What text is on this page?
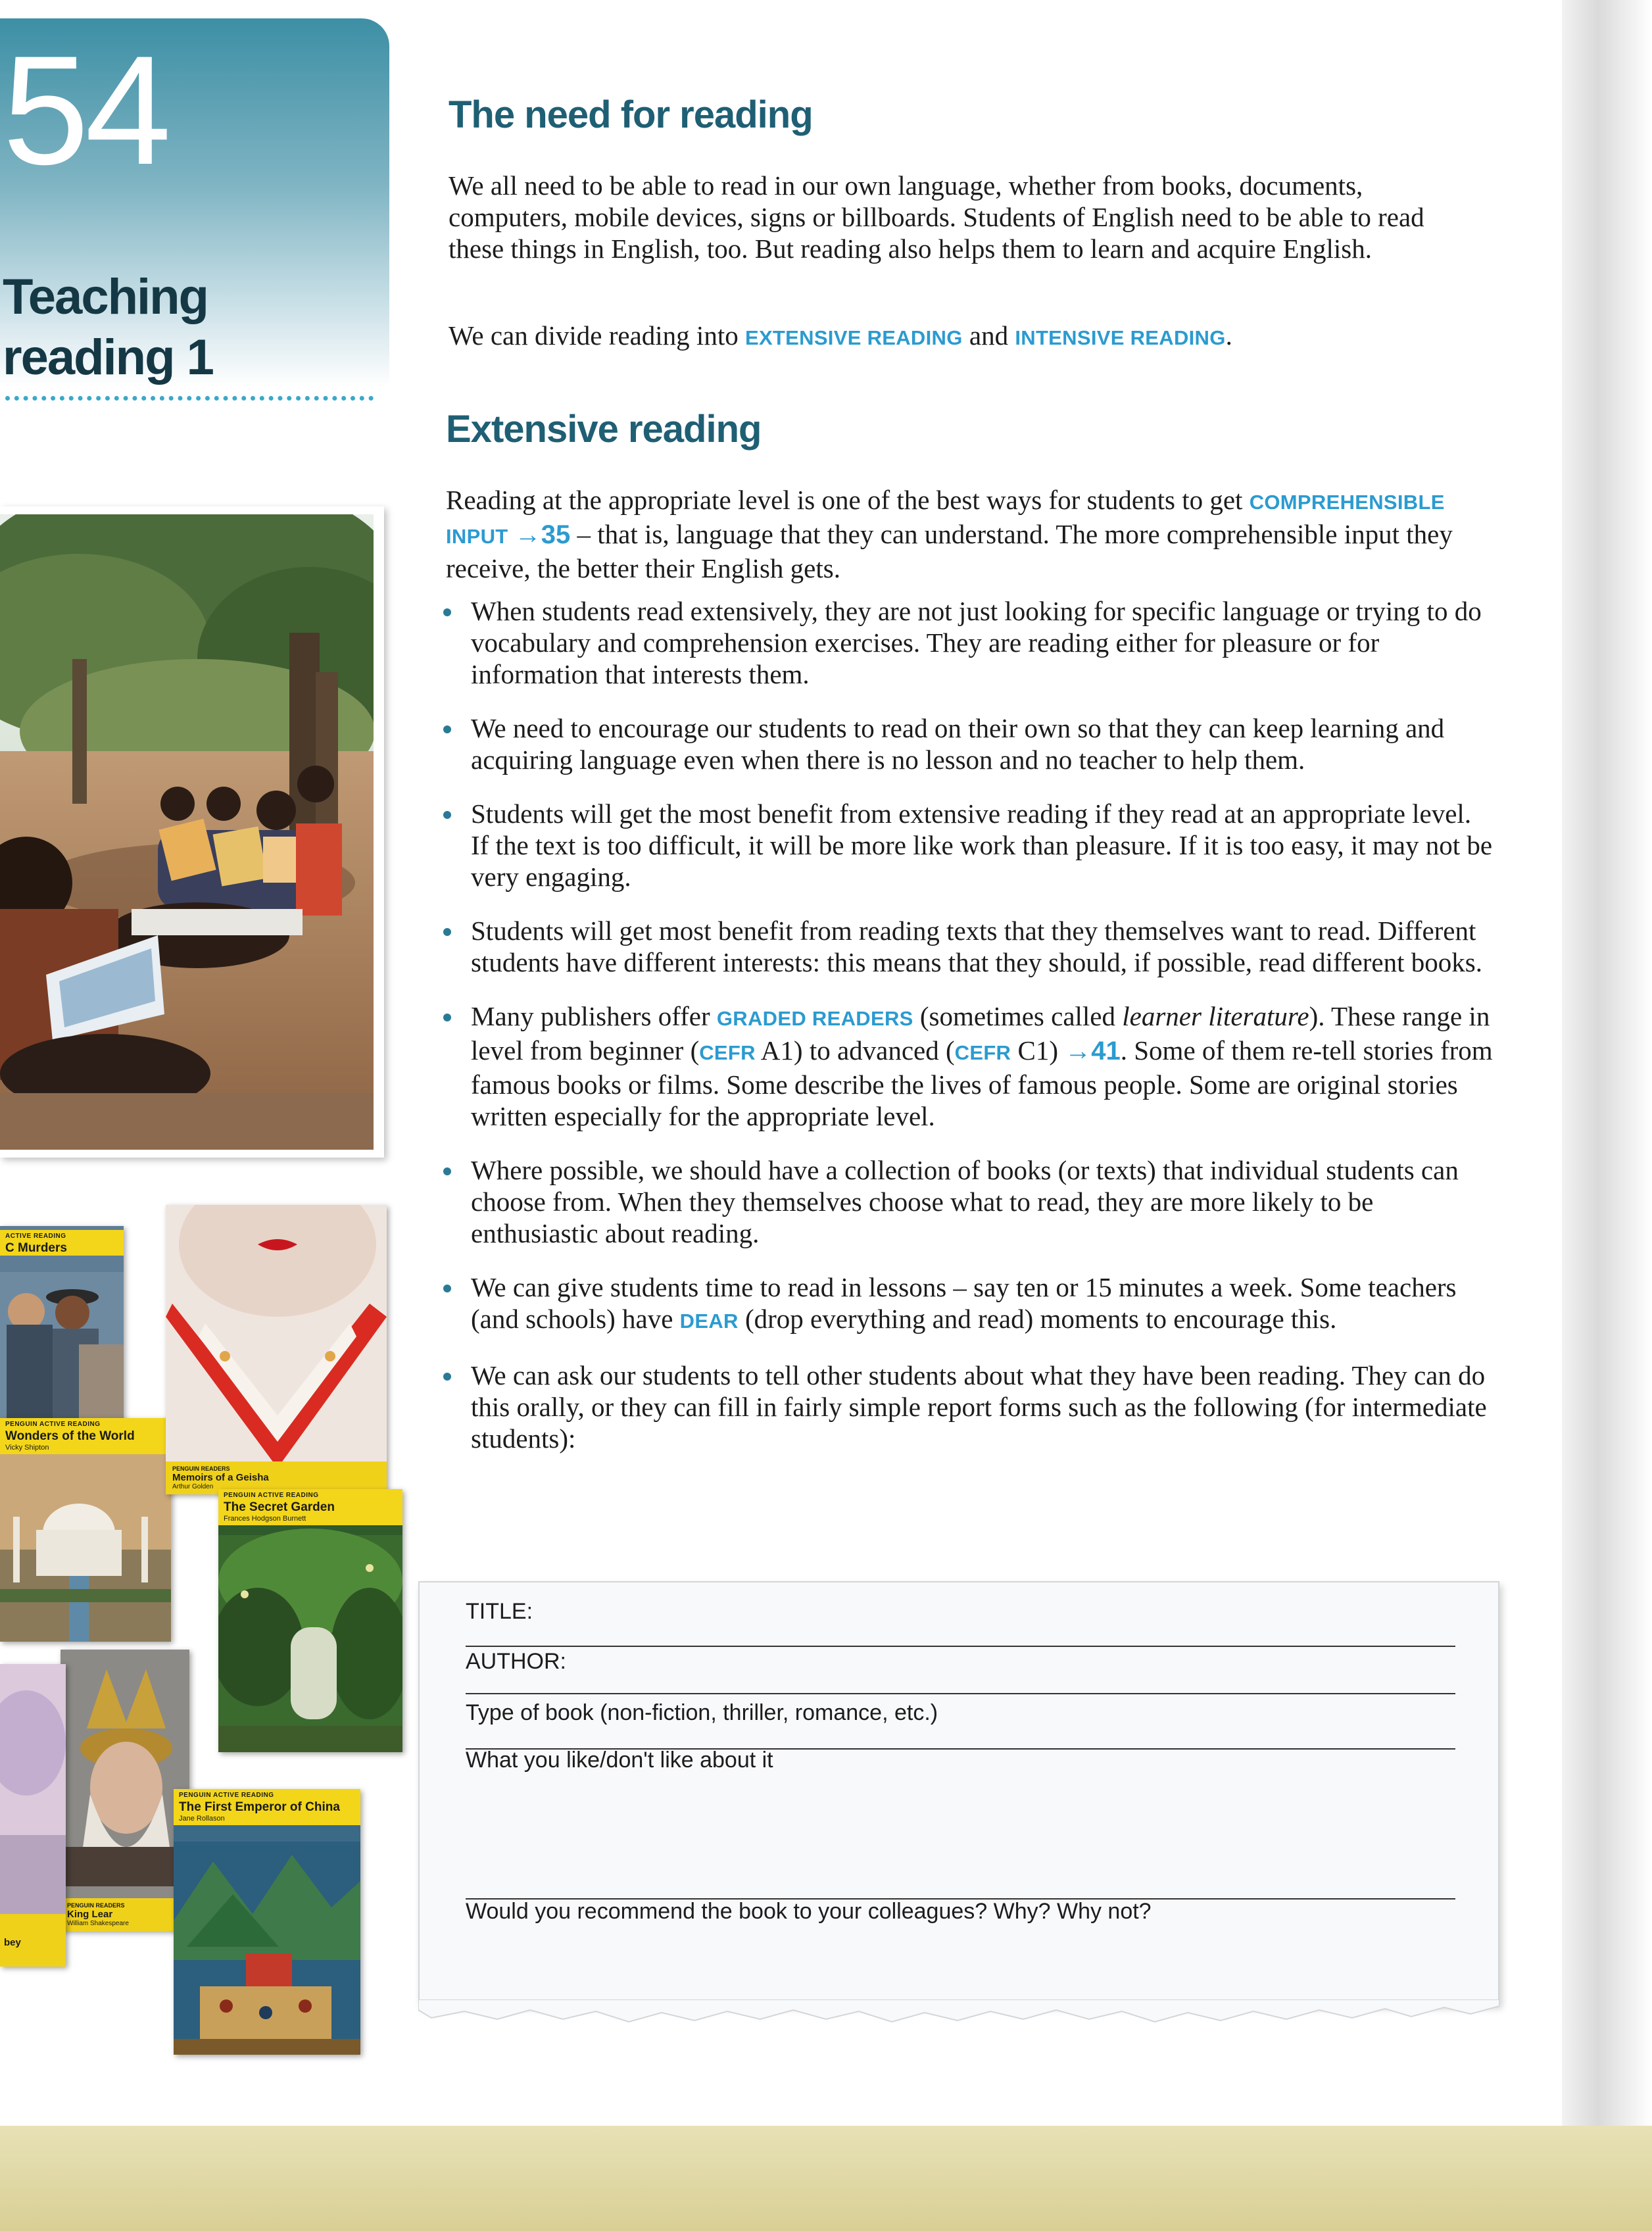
54
Teaching
reading 1
ACTIVE READING
C Murders
PENGUIN ACTIVE READING
Wonders of the World
Vicky Shipton
PENGUIN READERS
Memoirs of a Geisha
Arthur Golden
PENGUIN ACTIVE READING
The Secret Garden
Frances Hodgson Burnett
PENGUIN READERS
King Lear
William Shakespeare
PENGUIN ACTIVE READING
The First Emperor of China
Jane Rollason
bey
The need for reading
We all need to be able to read in our own language, whether from books, documents, computers, mobile devices, signs or billboards. Students of English need to be able to read these things in English, too. But reading also helps them to learn and acquire English.
We can divide reading into EXTENSIVE READING and INTENSIVE READING.
Extensive reading
Reading at the appropriate level is one of the best ways for students to get COMPREHENSIBLE INPUT →35 – that is, language that they can understand. The more comprehensible input they receive, the better their English gets.
When students read extensively, they are not just looking for specific language or trying to do vocabulary and comprehension exercises. They are reading either for pleasure or for information that interests them.
We need to encourage our students to read on their own so that they can keep learning and acquiring language even when there is no lesson and no teacher to help them.
Students will get the most benefit from extensive reading if they read at an appropriate level. If the text is too difficult, it will be more like work than pleasure. If it is too easy, it may not be very engaging.
Students will get most benefit from reading texts that they themselves want to read. Different students have different interests: this means that they should, if possible, read different books.
Many publishers offer GRADED READERS (sometimes called learner literature). These range in level from beginner (CEFR A1) to advanced (CEFR C1) →41. Some of them re-tell stories from famous books or films. Some describe the lives of famous people. Some are original stories written especially for the appropriate level.
Where possible, we should have a collection of books (or texts) that individual students can choose from. When they themselves choose what to read, they are more likely to be enthusiastic about reading.
We can give students time to read in lessons – say ten or 15 minutes a week. Some teachers (and schools) have DEAR (drop everything and read) moments to encourage this.
We can ask our students to tell other students about what they have been reading. They can do this orally, or they can fill in fairly simple report forms such as the following (for intermediate students):
TITLE:
AUTHOR:
Type of book (non-fiction, thriller, romance, etc.)
What you like/don't like about it
Would you recommend the book to your colleagues? Why? Why not?
